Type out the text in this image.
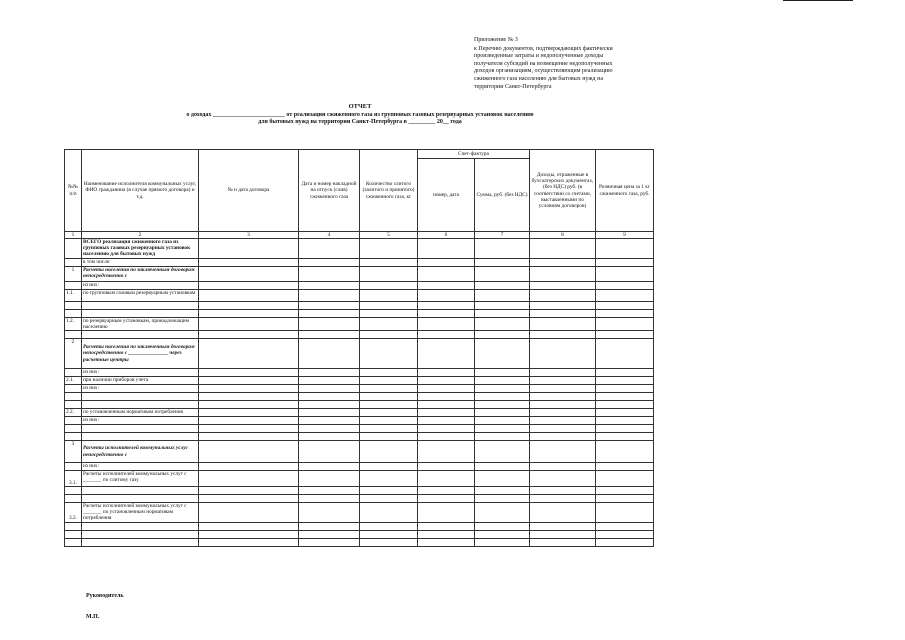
Приложение № 3
к Перечню документов, подтверждающих фактически
произведенные затраты и недополученные доходы
получателя субсидий на возмещение недополученных
доходов организациям, осуществляющим реализацию
сжиженного газа населению для бытовых нужд на
территории Санкт-Петербурга
ОТЧЕТ
о доходах ________________________ от реализации сжиженного газа из групповых газовых резервуарных установок населению
для бытовых нужд на территории Санкт-Петербурга в _________ 20__ года
№№ п/п	Наименование исполнителя коммунальных услуг, ФИО гражданина (в случае прямого договора) и т.д.	№ и дата договора	Дата и номер накладной на отпуск (слив) сжиженного газа	Количество слитого (залитого и принятого) сжиженного газа, кг	Счет-фактура		Доходы, отраженные в бухгалтерских документах, (без НДС) руб. (в соответствии со счетами, выставленными по условиям договоров)	Розничная цена за 1 кг сжиженного газа, руб.
					номер, дата	Сумма, руб. (без НДС)		
1	2	3	4	5	6	7	8	9
	ВСЕГО реализация сжиженного газа из групповых газовых резервуарных установок населению для бытовых нужд							
	в том числе:							
1	Расчеты населения по заключенным договорам непосредственно с							
	из них:							
1.1.	по групповым газовым резервуарным установкам							

1.2.	по резервуарным установкам, принадлежащим населению							

2	Расчеты населения по заключенным договорам непосредственно с _______________ через расчетные центры							
	из них:							
2.1.	при наличии приборов учета							
	из них:							

2.2.	по установленным нормативам потребления							
	из них:							

3	Расчеты исполнителей коммунальных услуг непосредственно с							
	из них:							
3.1.	Расчеты исполнителей коммунальных услуг с _______ по слитому газу							

3.2.	Расчеты исполнителей коммунальных услуг с _______ по установленным нормативам потребления							

Руководитель
М.П.
